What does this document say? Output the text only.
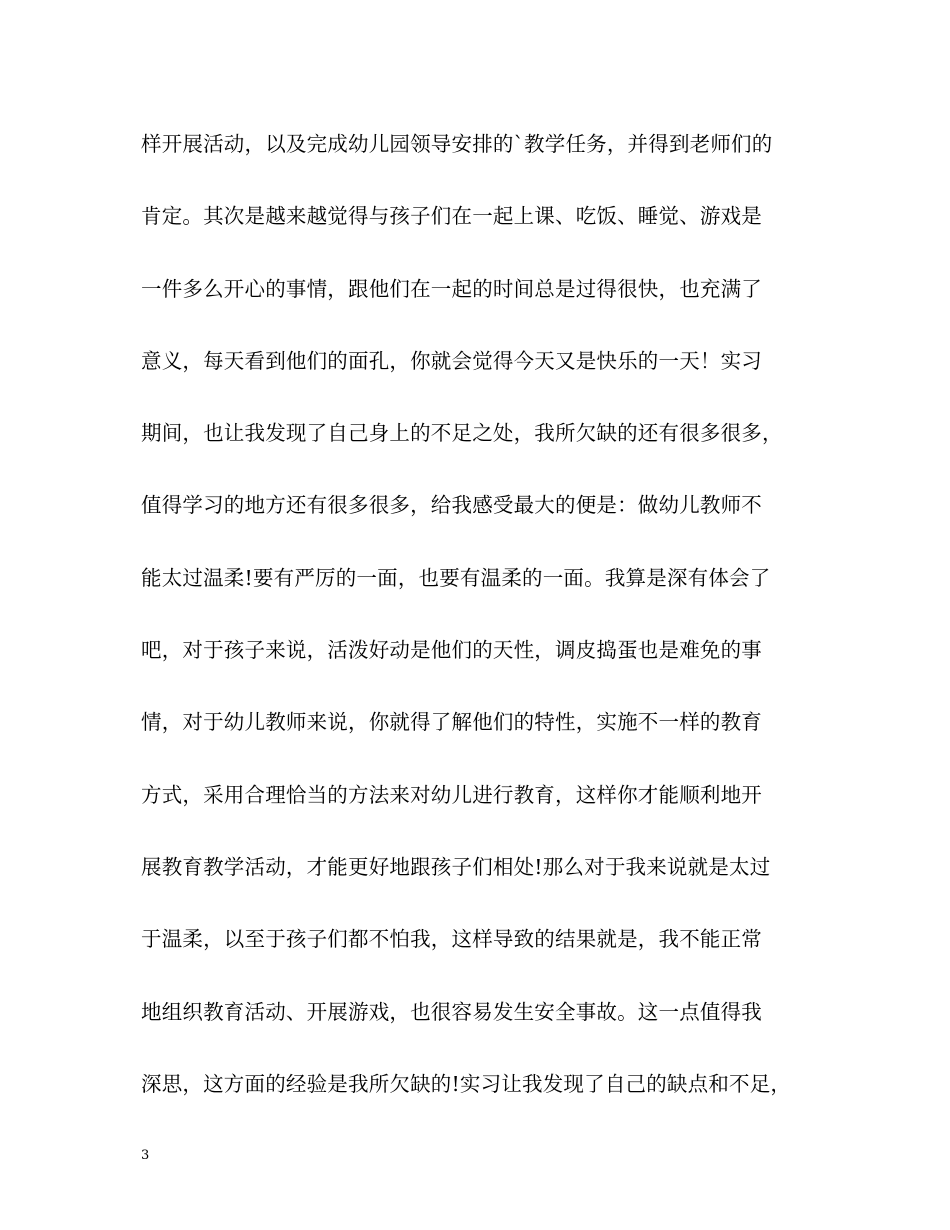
样开展活动，以及完成幼儿园领导安排的`教学任务，并得到老师们的
肯定。其次是越来越觉得与孩子们在一起上课、吃饭、睡觉、游戏是
一件多么开心的事情，跟他们在一起的时间总是过得很快，也充满了
意义，每天看到他们的面孔，你就会觉得今天又是快乐的一天！实习
期间，也让我发现了自己身上的不足之处，我所欠缺的还有很多很多，
值得学习的地方还有很多很多，给我感受最大的便是：做幼儿教师不
能太过温柔!要有严厉的一面，也要有温柔的一面。我算是深有体会了
吧，对于孩子来说，活泼好动是他们的天性，调皮捣蛋也是难免的事
情，对于幼儿教师来说，你就得了解他们的特性，实施不一样的教育
方式，采用合理恰当的方法来对幼儿进行教育，这样你才能顺利地开
展教育教学活动，才能更好地跟孩子们相处!那么对于我来说就是太过
于温柔，以至于孩子们都不怕我，这样导致的结果就是，我不能正常
地组织教育活动、开展游戏，也很容易发生安全事故。这一点值得我
深思，这方面的经验是我所欠缺的!实习让我发现了自己的缺点和不足，
3
